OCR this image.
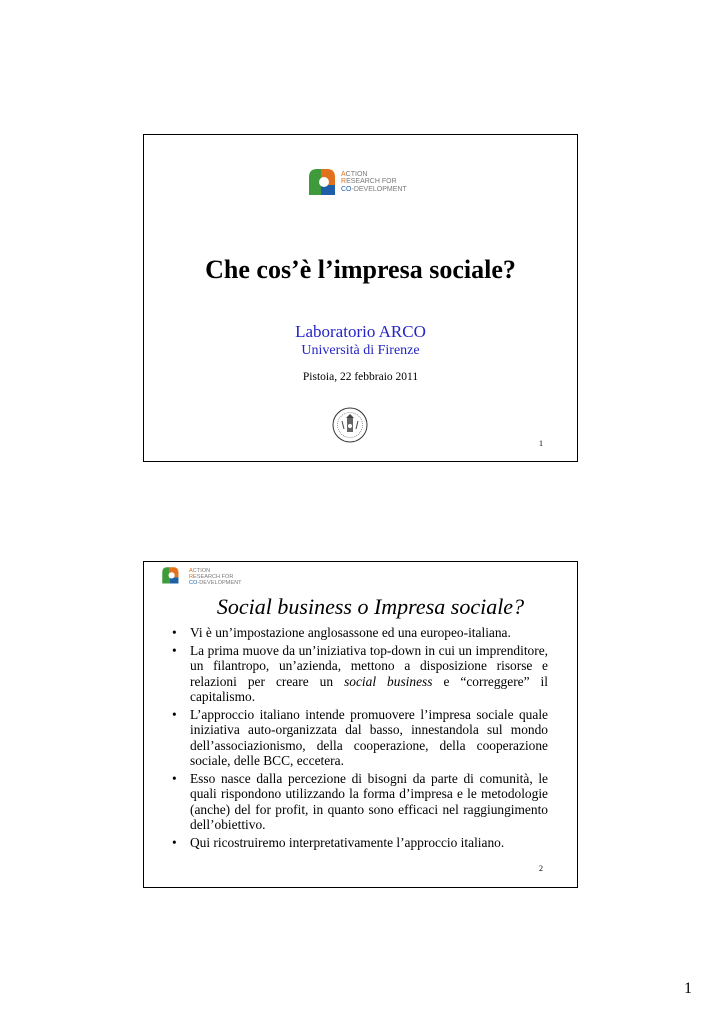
ACTION
RESEARCH FOR
CO-DEVELOPMENT
Che cos’è l’impresa sociale?
Laboratorio ARCO
Università di Firenze
Pistoia, 22 febbraio 2011
1
ACTION
RESEARCH FOR
CO-DEVELOPMENT
Social business o Impresa sociale?
• Vi è un’impostazione anglosassone ed una europeo-italiana.
• La prima muove da un’iniziativa top-down in cui un imprenditore, un filantropo, un’azienda, mettono a disposizione risorse e relazioni per creare un social business e “correggere” il capitalismo.
• L’approccio italiano intende promuovere l’impresa sociale quale iniziativa auto-organizzata dal basso, innestandola sul mondo dell’associazionismo, della cooperazione, della cooperazione sociale, delle BCC, eccetera.
• Esso nasce dalla percezione di bisogni da parte di comunità, le quali rispondono utilizzando la forma d’impresa e le metodologie (anche) del for profit, in quanto sono efficaci nel raggiungimento dell’obiettivo.
• Qui ricostruiremo interpretativamente l’approccio italiano.
2
1
